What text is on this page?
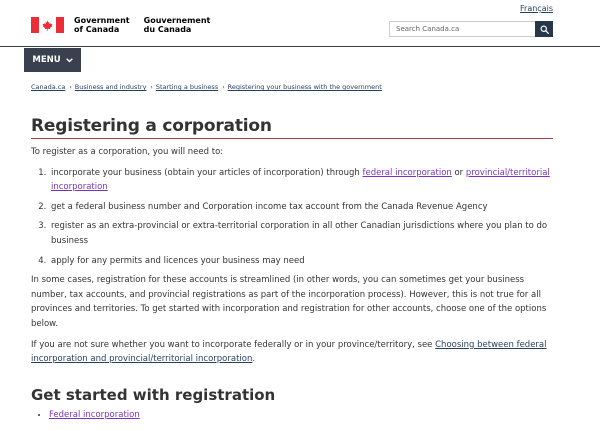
Français
Government
of Canada
Gouvernement
du Canada	Search Canada.ca
MENU
Canada.ca › Business and industry › Starting a business › Registering your business with the government
Registering a corporation

To register as a corporation, you will need to:

1. incorporate your business (obtain your articles of incorporation) through federal incorporation or provincial/territorial incorporation
2. get a federal business number and Corporation income tax account from the Canada Revenue Agency
3. register as an extra-provincial or extra-territorial corporation in all other Canadian jurisdictions where you plan to do business
4. apply for any permits and licences your business may need

In some cases, registration for these accounts is streamlined (in other words, you can sometimes get your business number, tax accounts, and provincial registrations as part of the incorporation process). However, this is not true for all provinces and territories. To get started with incorporation and registration for other accounts, choose one of the options below.

If you are not sure whether you want to incorporate federally or in your province/territory, see Choosing between federal incorporation and provincial/territorial incorporation.

Get started with registration
• Federal incorporation
